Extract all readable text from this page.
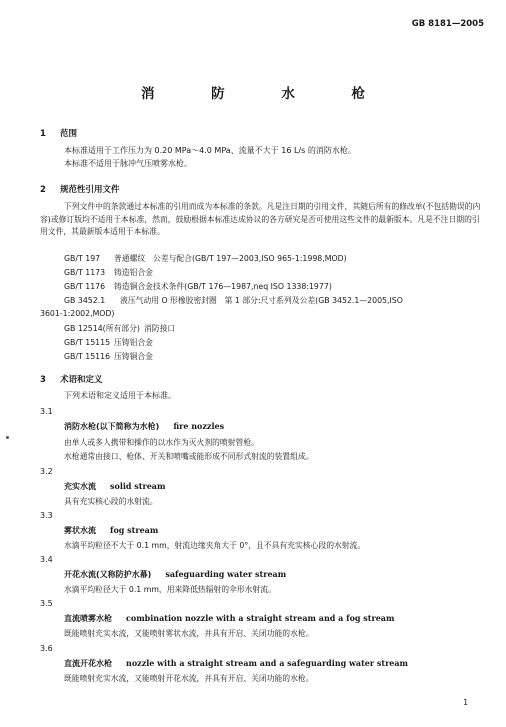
GB 8181—2005
消 防 水 枪
1 范围
本标准适用于工作压力为 0.20 MPa～4.0 MPa、流量不大于 16 L/s 的消防水枪。
本标准不适用于脉冲气压喷雾水枪。
2 规范性引用文件
下列文件中的条款通过本标准的引用而成为本标准的条款。凡是注日期的引用文件，其随后所有的修改单(不包括勘误的内容)或修订版均不适用于本标准，然而，鼓励根据本标准达成协议的各方研究是否可使用这些文件的最新版本。凡是不注日期的引用文件，其最新版本适用于本标准。
GB/T 197 普通螺纹　公差与配合(GB/T 197—2003,ISO 965-1:1998,MOD)
GB/T 1173 铸造铝合金
GB/T 1176 铸造铜合金技术条件(GB/T 176—1987,neq ISO 1338:1977)
GB 3452.1 液压气动用 O 形橡胶密封圈　第 1 部分:尺寸系列及公差(GB 3452.1—2005,ISO
3601-1:2002,MOD)
GB 12514(所有部分) 消防接口
GB/T 15115 压铸铝合金
GB/T 15116 压铸铜合金
3 术语和定义
下列术语和定义适用于本标准。
3.1
消防水枪(以下简称为水枪) fire nozzles
由单人或多人携带和操作的以水作为灭火剂的喷射管枪。
水枪通常由接口、枪体、开关和喷嘴或能形成不同形式射流的装置组成。
3.2
充实水流 solid stream
具有充实核心段的水射流。
3.3
雾状水流 fog stream
水滴平均粒径不大于 0.1 mm，射流边缘夹角大于 0°，且不具有充实核心段的水射流。
3.4
开花水流(又称防护水幕) safeguarding water stream
水滴平均粒径大于 0.1 mm，用来降低热辐射的伞形水射流。
3.5
直流喷雾水枪 combination nozzle with a straight stream and a fog stream
既能喷射充实水流，又能喷射雾状水流，并具有开启、关闭功能的水枪。
3.6
直流开花水枪 nozzle with a straight stream and a safeguarding water stream
既能喷射充实水流，又能喷射开花水流，并具有开启、关闭功能的水枪。
1
